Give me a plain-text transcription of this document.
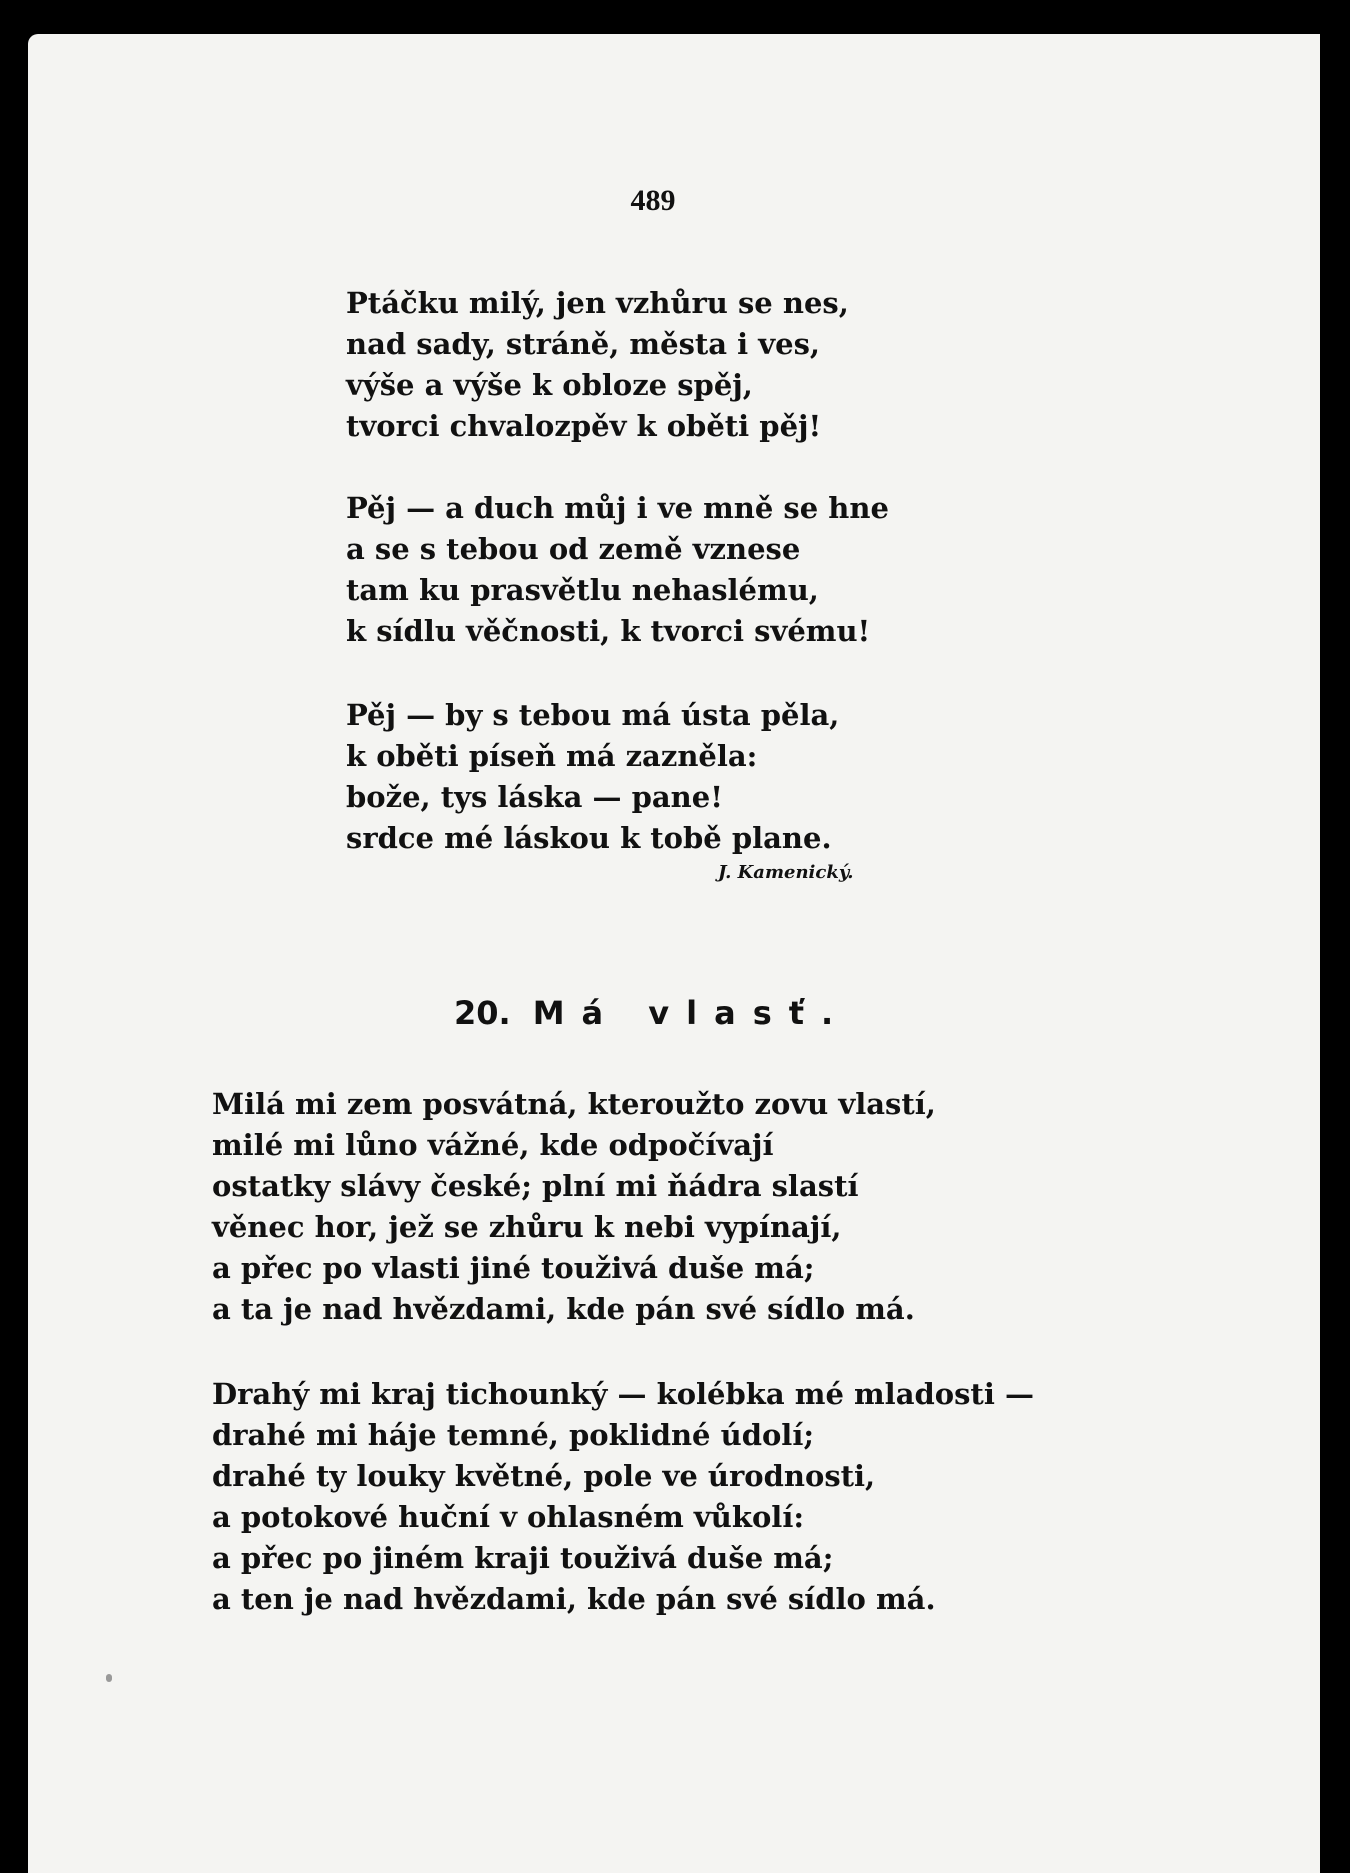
489
Ptáčku milý, jen vzhůru se nes,
nad sady, stráně, města i ves,
výše a výše k obloze spěj,
tvorci chvalozpěv k oběti pěj!
Pěj — a duch můj i ve mně se hne
a se s tebou od země vznese
tam ku prasvětlu nehaslému,
k sídlu věčnosti, k tvorci svému!
Pěj — by s tebou má ústa pěla,
k oběti píseň má zazněla:
bože, tys láska — pane!
srdce mé láskou k tobě plane.
J. Kamenický.
20. Má vlasť.
Milá mi zem posvátná, kteroužto zovu vlastí,
milé mi lůno vážné, kde odpočívají
ostatky slávy české; plní mi ňádra slastí
věnec hor, jež se zhůru k nebi vypínají,
a přec po vlasti jiné touživá duše má;
a ta je nad hvězdami, kde pán své sídlo má.
Drahý mi kraj tichounký — kolébka mé mladosti —
drahé mi háje temné, poklidné údolí;
drahé ty louky květné, pole ve úrodnosti,
a potokové huční v ohlasném vůkolí:
a přec po jiném kraji touživá duše má;
a ten je nad hvězdami, kde pán své sídlo má.
